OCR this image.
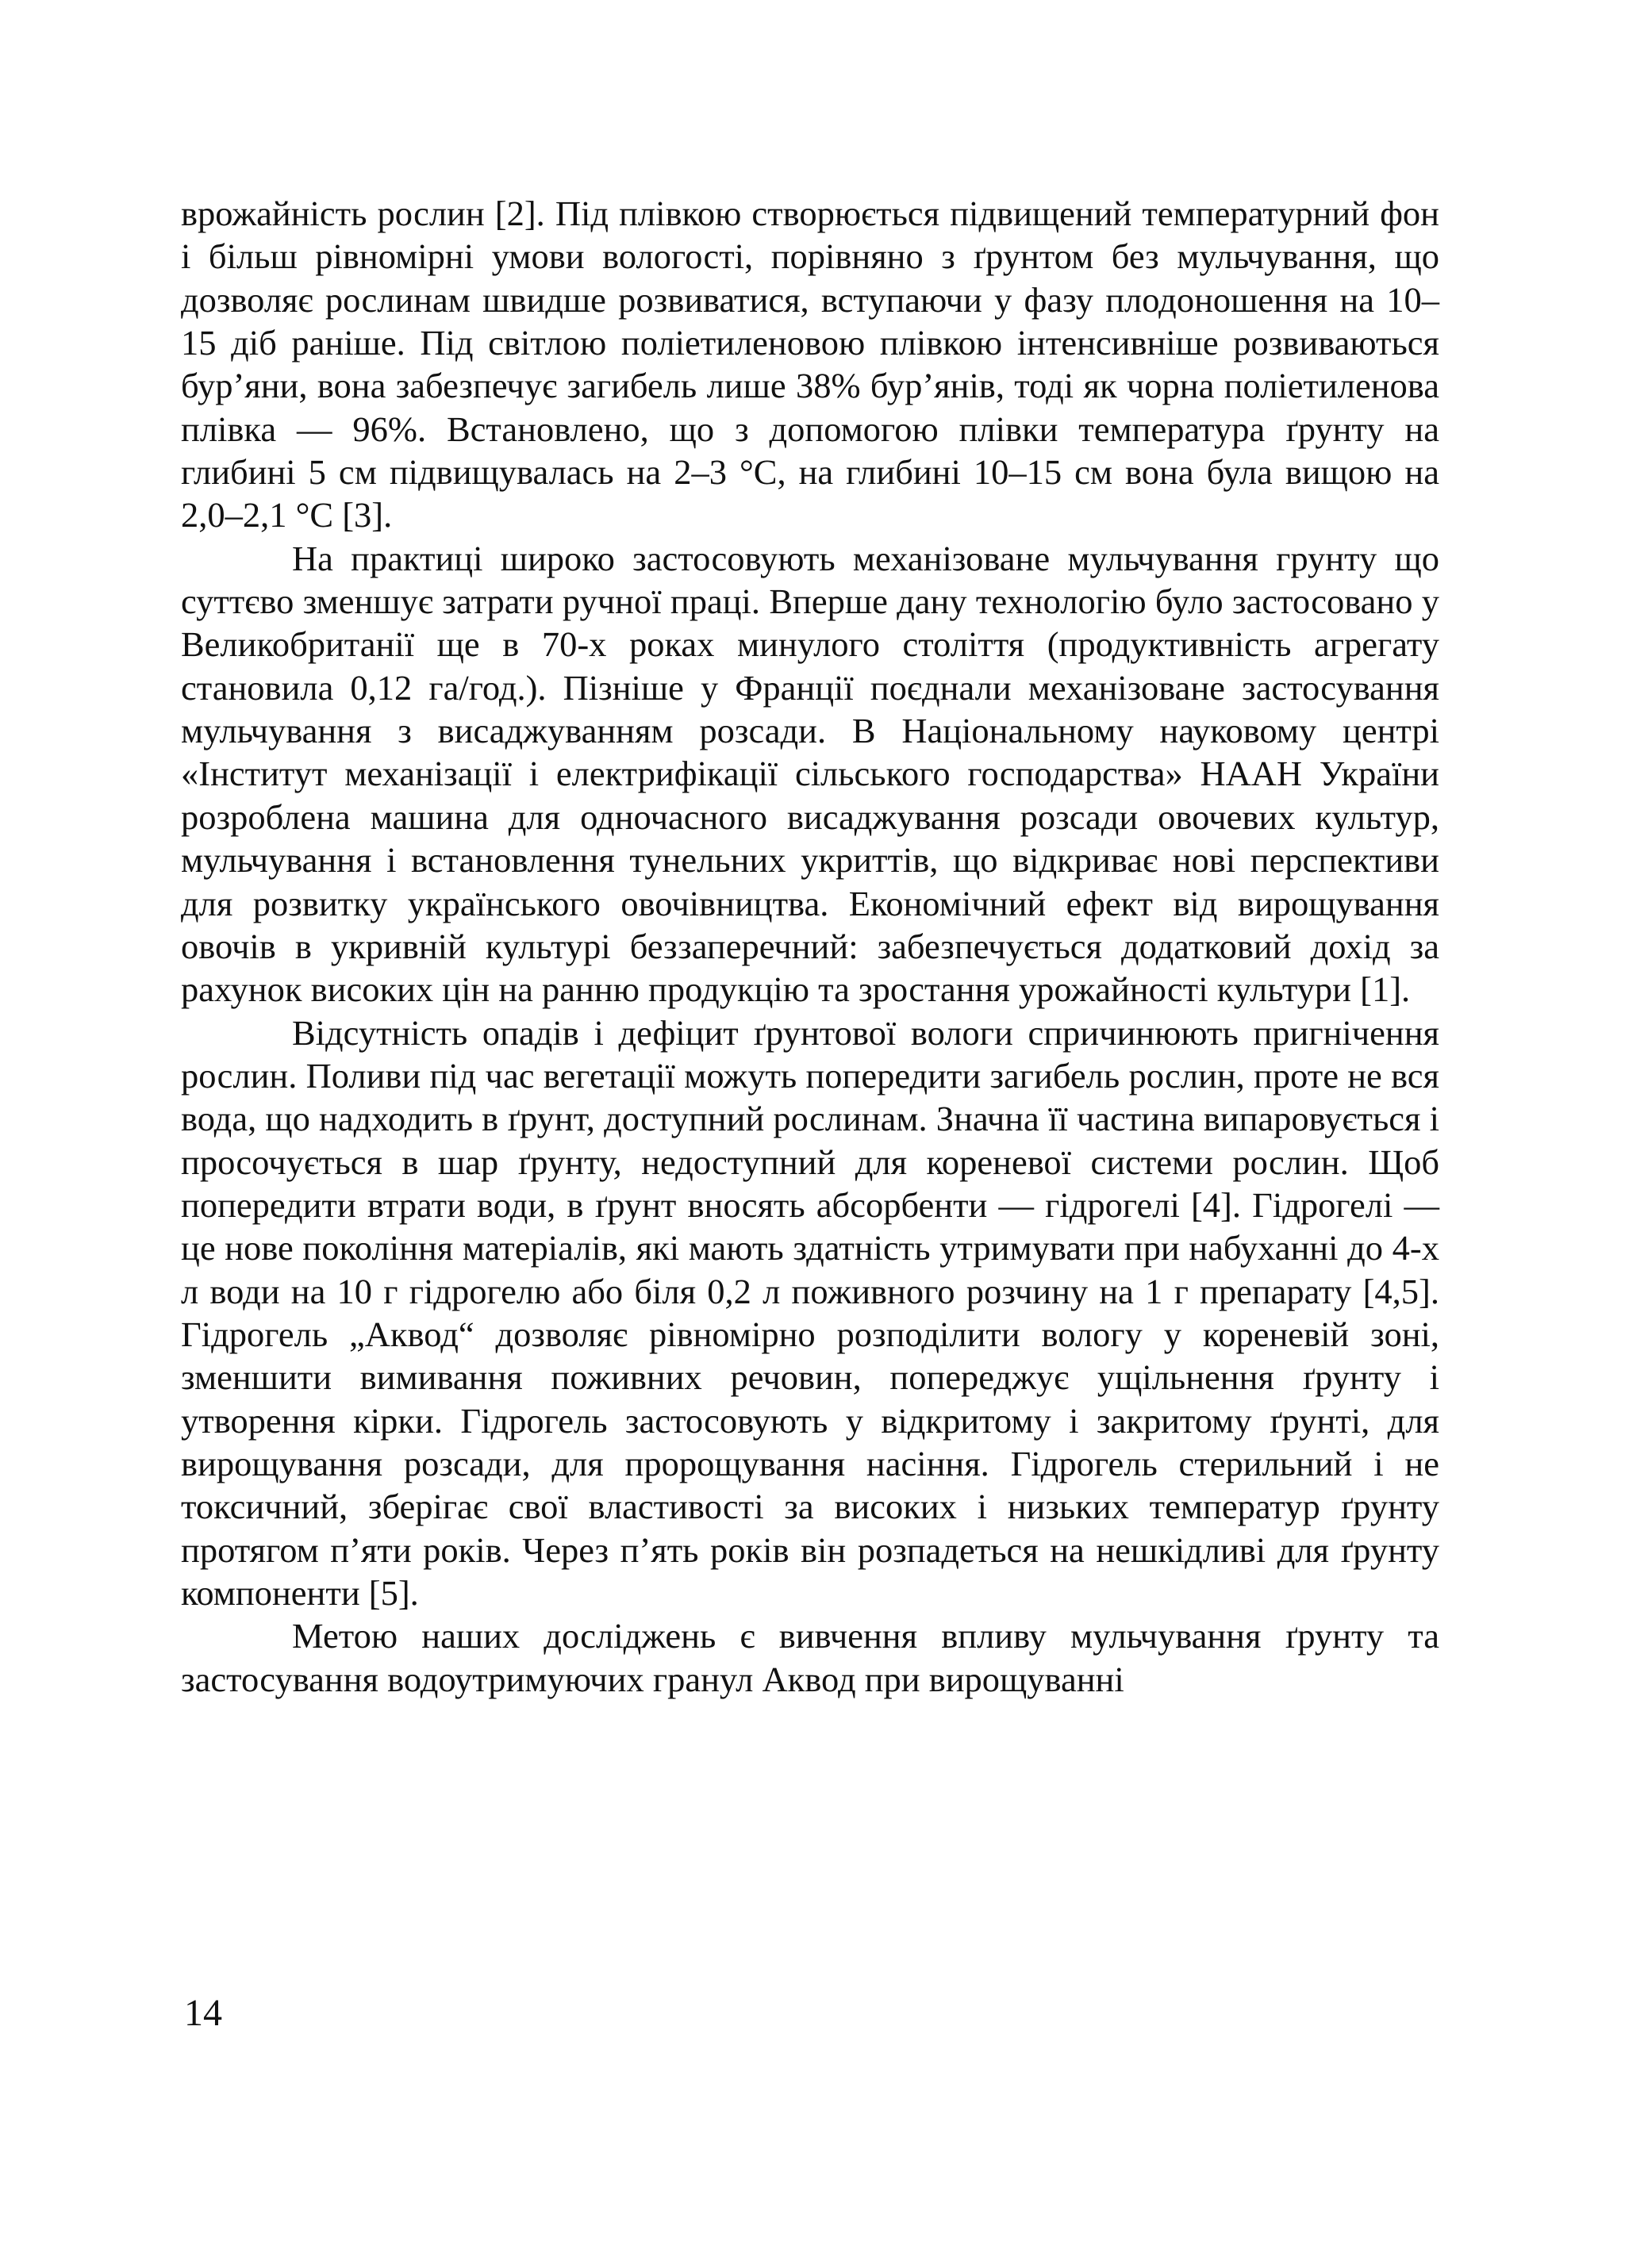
врожайність рослин [2]. Під плівкою створюється підвищений температурний фон і більш рівномірні умови вологості, порівняно з ґрунтом без мульчування, що дозволяє рослинам швидше розвиватися, вступаючи у фазу плодоношення на 10–15 діб раніше. Під світлою поліетиленовою плівкою інтенсивніше розвиваються бур’яни, вона забезпечує загибель лише 38% бур’янів, тоді як чорна поліетиленова плівка — 96%. Встановлено, що з допомогою плівки температура ґрунту на глибині 5 см підвищувалась на 2–3 °С, на глибині 10–15 см вона була вищою на 2,0–2,1 °С [3].

На практиці широко застосовують механізоване мульчування грунту що суттєво зменшує затрати ручної праці. Вперше дану технологію було застосовано у Великобританії ще в 70-х роках минулого століття (продуктивність агрегату становила 0,12 га/год.). Пізніше у Франції поєднали механізоване застосування мульчування з висаджуванням розсади. В Національному науковому центрі «Інститут механізації і електрифікації сільського господарства» НААН України розроблена машина для одночасного висаджування розсади овочевих культур, мульчування і встановлення тунельних укриттів, що відкриває нові перспективи для розвитку українського овочівництва. Економічний ефект від вирощування овочів в укривній культурі беззаперечний: забезпечується додатковий дохід за рахунок високих цін на ранню продукцію та зростання урожайності культури [1].

Відсутність опадів і дефіцит ґрунтової вологи спричинюють пригнічення рослин. Поливи під час вегетації можуть попередити загибель рослин, проте не вся вода, що надходить в ґрунт, доступний рослинам. Значна її частина випаровується і просочується в шар ґрунту, недоступний для кореневої системи рослин. Щоб попередити втрати води, в ґрунт вносять абсорбенти — гідрогелі [4]. Гідрогелі — це нове покоління матеріалів, які мають здатність утримувати при набуханні до 4-х л води на 10 г гідрогелю або біля 0,2 л поживного розчину на 1 г препарату [4,5]. Гідрогель „Аквод“ дозволяє рівномірно розподілити вологу у кореневій зоні, зменшити вимивання поживних речовин, попереджує ущільнення ґрунту і утворення кірки. Гідрогель застосовують у відкритому і закритому ґрунті, для вирощування розсади, для пророщування насіння. Гідрогель стерильний і не токсичний, зберігає свої властивості за високих і низьких температур ґрунту протягом п’яти років. Через п’ять років він розпадеться на нешкідливі для ґрунту компоненти [5].

Метою наших досліджень є вивчення впливу мульчування ґрунту та застосування водоутримуючих гранул Аквод при вирощуванні

14
